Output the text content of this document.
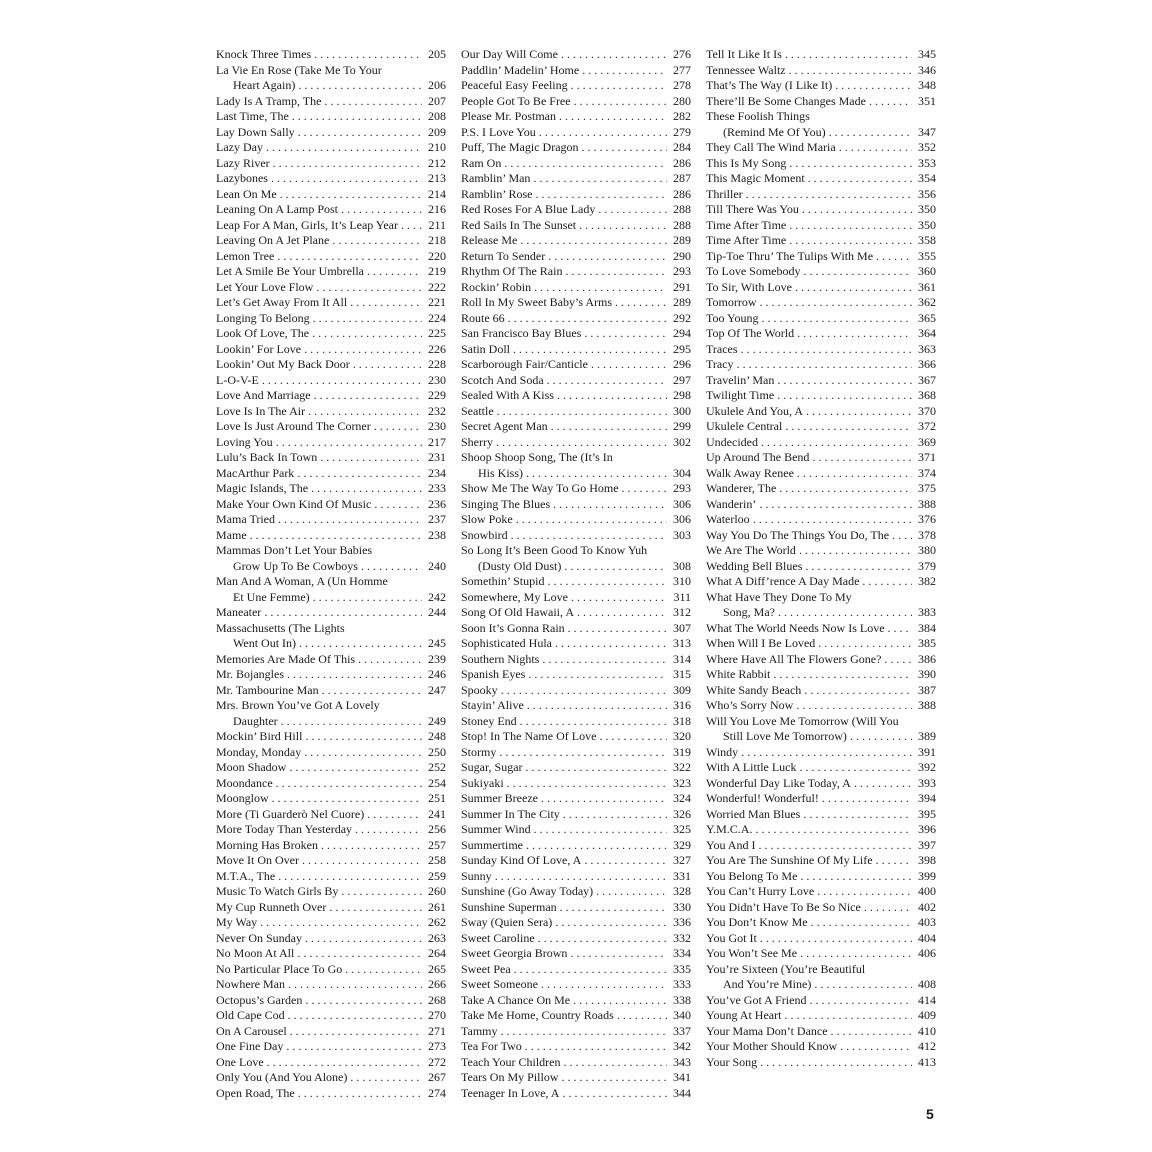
Knock Three Times . . .	205
La Vie En Rose (Take Me To Your
Heart Again) . . .	206
Lady Is A Tramp, The . . .	207
Last Time, The . . .	208
Lay Down Sally . . .	209
Lazy Day . . .	210
Lazy River . . .	212
Lazybones . . .	213
Lean On Me . . .	214
Leaning On A Lamp Post . . .	216
Leap For A Man, Girls, It’s Leap Year . . .	211
Leaving On A Jet Plane . . .	218
Lemon Tree . . .	220
Let A Smile Be Your Umbrella . . .	219
Let Your Love Flow . . .	222
Let’s Get Away From It All . . .	221
Longing To Belong . . .	224
Look Of Love, The . . .	225
Lookin’ For Love . . .	226
Lookin’ Out My Back Door . . .	228
L-O-V-E . . .	230
Love And Marriage . . .	229
Love Is In The Air . . .	232
Love Is Just Around The Corner . . .	230
Loving You . . .	217
Lulu’s Back In Town . . .	231
MacArthur Park . . .	234
Magic Islands, The . . .	233
Make Your Own Kind Of Music . . .	236
Mama Tried . . .	237
Mame . . .	238
Mammas Don’t Let Your Babies
Grow Up To Be Cowboys . . .	240
Man And A Woman, A (Un Homme
Et Une Femme) . . .	242
Maneater . . .	244
Massachusetts (The Lights
Went Out In) . . .	245
Memories Are Made Of This . . .	239
Mr. Bojangles . . .	246
Mr. Tambourine Man . . .	247
Mrs. Brown You’ve Got A Lovely
Daughter . . .	249
Mockin’ Bird Hill . . .	248
Monday, Monday . . .	250
Moon Shadow . . .	252
Moondance . . .	254
Moonglow . . .	251
More (Ti Guarderò Nel Cuore) . . .	241
More Today Than Yesterday . . .	256
Morning Has Broken . . .	257
Move It On Over . . .	258
M.T.A., The . . .	259
Music To Watch Girls By . . .	260
My Cup Runneth Over . . .	261
My Way . . .	262
Never On Sunday . . .	263
No Moon At All . . .	264
No Particular Place To Go . . .	265
Nowhere Man . . .	266
Octopus’s Garden . . .	268
Old Cape Cod . . .	270
On A Carousel . . .	271
One Fine Day . . .	273
One Love . . .	272
Only You (And You Alone) . . .	267
Open Road, The . . .	274
Our Day Will Come . . .	276
Paddlin’ Madelin’ Home . . .	277
Peaceful Easy Feeling . . .	278
People Got To Be Free . . .	280
Please Mr. Postman . . .	282
P.S. I Love You . . .	279
Puff, The Magic Dragon . . .	284
Ram On . . .	286
Ramblin’ Man . . .	287
Ramblin’ Rose . . .	286
Red Roses For A Blue Lady . . .	288
Red Sails In The Sunset . . .	288
Release Me . . .	289
Return To Sender . . .	290
Rhythm Of The Rain . . .	293
Rockin’ Robin . . .	291
Roll In My Sweet Baby’s Arms . . .	289
Route 66 . . .	292
San Francisco Bay Blues . . .	294
Satin Doll . . .	295
Scarborough Fair/Canticle . . .	296
Scotch And Soda . . .	297
Sealed With A Kiss . . .	298
Seattle . . .	300
Secret Agent Man . . .	299
Sherry . . .	302
Shoop Shoop Song, The (It’s In
His Kiss) . . .	304
Show Me The Way To Go Home . . .	293
Singing The Blues . . .	306
Slow Poke . . .	306
Snowbird . . .	303
So Long It’s Been Good To Know Yuh
(Dusty Old Dust) . . .	308
Somethin’ Stupid . . .	310
Somewhere, My Love . . .	311
Song Of Old Hawaii, A . . .	312
Soon It’s Gonna Rain . . .	307
Sophisticated Hula . . .	313
Southern Nights . . .	314
Spanish Eyes . . .	315
Spooky . . .	309
Stayin’ Alive . . .	316
Stoney End . . .	318
Stop! In The Name Of Love . . .	320
Stormy . . .	319
Sugar, Sugar . . .	322
Sukiyaki . . .	323
Summer Breeze . . .	324
Summer In The City . . .	326
Summer Wind . . .	325
Summertime . . .	329
Sunday Kind Of Love, A . . .	327
Sunny . . .	331
Sunshine (Go Away Today) . . .	328
Sunshine Superman . . .	330
Sway (Quien Sera) . . .	336
Sweet Caroline . . .	332
Sweet Georgia Brown . . .	334
Sweet Pea . . .	335
Sweet Someone . . .	333
Take A Chance On Me . . .	338
Take Me Home, Country Roads . . .	340
Tammy . . .	337
Tea For Two . . .	342
Teach Your Children . . .	343
Tears On My Pillow . . .	341
Teenager In Love, A . . .	344
Tell It Like It Is . . .	345
Tennessee Waltz . . .	346
That’s The Way (I Like It) . . .	348
There’ll Be Some Changes Made . . .	351
These Foolish Things
(Remind Me Of You) . . .	347
They Call The Wind Maria . . .	352
This Is My Song . . .	353
This Magic Moment . . .	354
Thriller . . .	356
Till There Was You . . .	350
Time After Time . . .	350
Time After Time . . .	358
Tip-Toe Thru’ The Tulips With Me . . .	355
To Love Somebody . . .	360
To Sir, With Love . . .	361
Tomorrow . . .	362
Too Young . . .	365
Top Of The World . . .	364
Traces . . .	363
Tracy . . .	366
Travelin’ Man . . .	367
Twilight Time . . .	368
Ukulele And You, A . . .	370
Ukulele Central . . .	372
Undecided . . .	369
Up Around The Bend . . .	371
Walk Away Renee . . .	374
Wanderer, The . . .	375
Wanderin’ . . .	388
Waterloo . . .	376
Way You Do The Things You Do, The . . .	378
We Are The World . . .	380
Wedding Bell Blues . . .	379
What A Diff’rence A Day Made . . .	382
What Have They Done To My
Song, Ma? . . .	383
What The World Needs Now Is Love . . .	384
When Will I Be Loved . . .	385
Where Have All The Flowers Gone? . . .	386
White Rabbit . . .	390
White Sandy Beach . . .	387
Who’s Sorry Now . . .	388
Will You Love Me Tomorrow (Will You
Still Love Me Tomorrow) . . .	389
Windy . . .	391
With A Little Luck . . .	392
Wonderful Day Like Today, A . . .	393
Wonderful! Wonderful! . . .	394
Worried Man Blues . . .	395
Y.M.C.A. . . .	396
You And I . . .	397
You Are The Sunshine Of My Life . . .	398
You Belong To Me . . .	399
You Can’t Hurry Love . . .	400
You Didn’t Have To Be So Nice . . .	402
You Don’t Know Me . . .	403
You Got It . . .	404
You Won’t See Me . . .	406
You’re Sixteen (You’re Beautiful
And You’re Mine) . . .	408
You’ve Got A Friend . . .	414
Young At Heart . . .	409
Your Mama Don’t Dance . . .	410
Your Mother Should Know . . .	412
Your Song . . .	413
5
